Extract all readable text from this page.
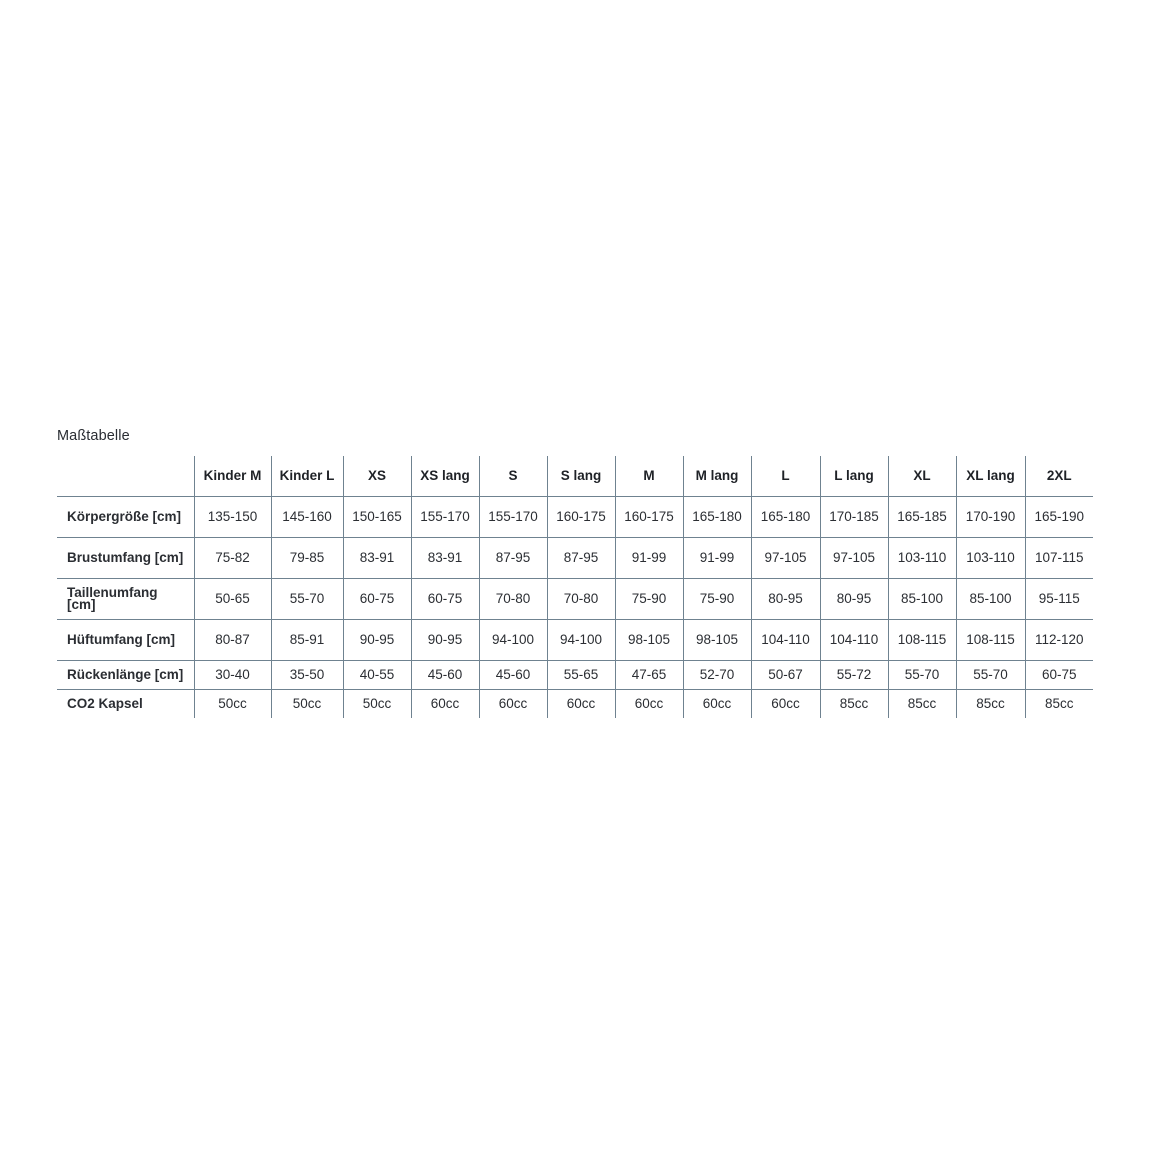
Maßtabelle
	Kinder M	Kinder L	XS	XS lang	S	S lang	M	M lang	L	L lang	XL	XL lang	2XL
Körpergröße [cm]	135-150	145-160	150-165	155-170	155-170	160-175	160-175	165-180	165-180	170-185	165-185	170-190	165-190
Brustumfang [cm]	75-82	79-85	83-91	83-91	87-95	87-95	91-99	91-99	97-105	97-105	103-110	103-110	107-115
Taillenumfang [cm]	50-65	55-70	60-75	60-75	70-80	70-80	75-90	75-90	80-95	80-95	85-100	85-100	95-115
Hüftumfang [cm]	80-87	85-91	90-95	90-95	94-100	94-100	98-105	98-105	104-110	104-110	108-115	108-115	112-120
Rückenlänge [cm]	30-40	35-50	40-55	45-60	45-60	55-65	47-65	52-70	50-67	55-72	55-70	55-70	60-75
CO2 Kapsel	50cc	50cc	50cc	60cc	60cc	60cc	60cc	60cc	60cc	85cc	85cc	85cc	85cc
